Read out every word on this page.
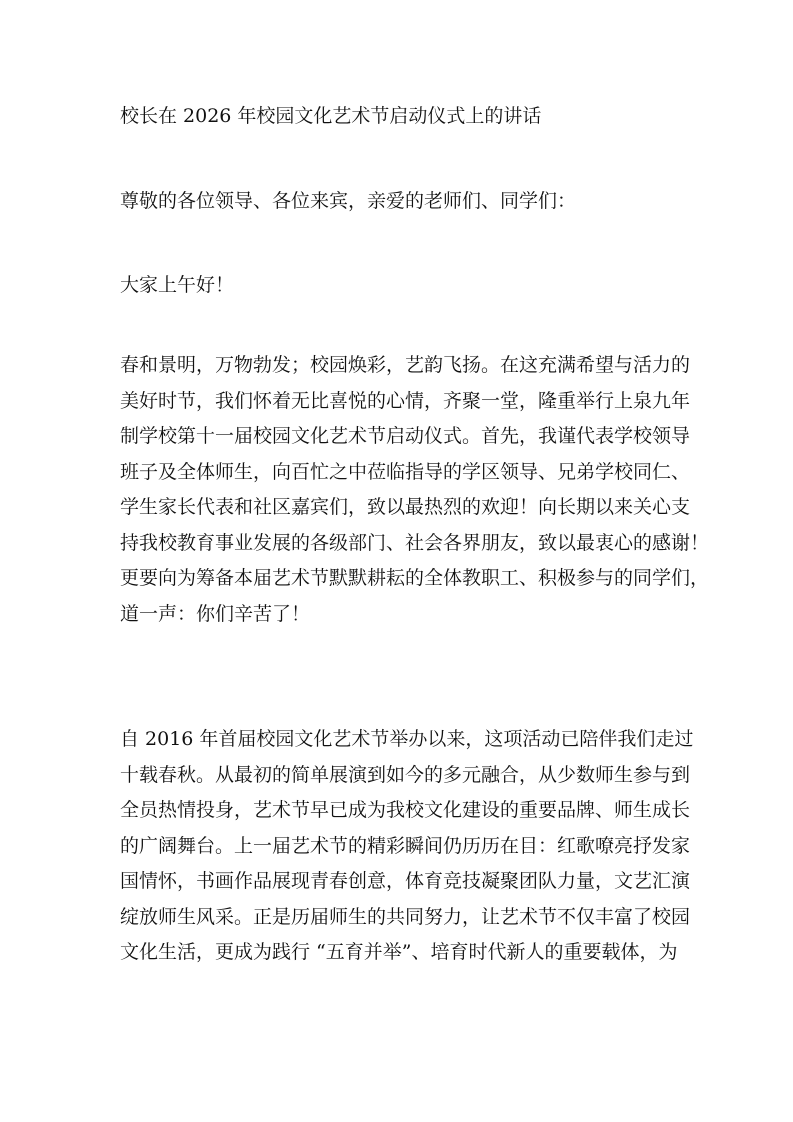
校长在 2026 年校园文化艺术节启动仪式上的讲话

尊敬的各位领导、各位来宾，亲爱的老师们、同学们：

大家上午好！

春和景明，万物勃发；校园焕彩，艺韵飞扬。在这充满希望与活力的
美好时节，我们怀着无比喜悦的心情，齐聚一堂，隆重举行上泉九年
制学校第十一届校园文化艺术节启动仪式。首先，我谨代表学校领导
班子及全体师生，向百忙之中莅临指导的学区领导、兄弟学校同仁、
学生家长代表和社区嘉宾们，致以最热烈的欢迎！向长期以来关心支
持我校教育事业发展的各级部门、社会各界朋友，致以最衷心的感谢！
更要向为筹备本届艺术节默默耕耘的全体教职工、积极参与的同学们，
道一声：你们辛苦了！
自 2016 年首届校园文化艺术节举办以来，这项活动已陪伴我们走过
十载春秋。从最初的简单展演到如今的多元融合，从少数师生参与到
全员热情投身，艺术节早已成为我校文化建设的重要品牌、师生成长
的广阔舞台。上一届艺术节的精彩瞬间仍历历在目：红歌嘹亮抒发家
国情怀，书画作品展现青春创意，体育竞技凝聚团队力量，文艺汇演
绽放师生风采。正是历届师生的共同努力，让艺术节不仅丰富了校园
文化生活，更成为践行 “五育并举”、培育时代新人的重要载体，为
